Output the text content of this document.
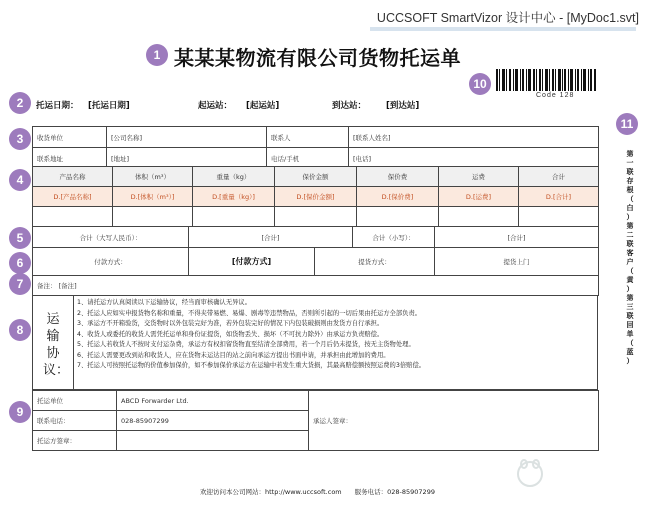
UCCSOFT SmartVizor 设计中心 - [MyDoc1.svt]
1
2
3
4
5
6
7
8
9
10
11
某某某物流有限公司货物托运单
Code 128
托运日期： [托运日期]	起运站： [起运站]	到达站： [到达站]
收货单位	[公司名称]	联系人	[联系人姓名]
联系地址	[地址]	电话/手机	[电话]
产品名称	体积（m³）	重量（kg）	保价金额	保价费	运费	合计
D.[产品名称]	D.[体积（m³）]	D.[重量（kg）]	D.[保价金额]	D.[保价费]	D.[运费]	D.[合计]

合计（大写人民币）：	[合计]	合计（小写）：	[合计]
付款方式：	[付款方式]	提货方式：	提货上门
备注： [备注]
运输协议：
1、请托运方认真阅读以下运输协议，经当面审核确认无异议。
2、托运人应如实申报货物名称和重量，不得夹带易燃、易爆、剧毒等违禁物品，否则所引起的一切后果由托运方全部负责。
3、承运方不开箱验货，交货物时以外包装完好为准，若外包装完好的情况下内包装破损则由发货方自行承担。
4、收货人或委托的收货人需凭托运单和身份证提货，如货物丢失、损坏（不可抗力除外）由承运方负责赔偿。
5、托运人若收货人不按时支付运杂费，承运方有权扣留货物直至结清全部费用，若一个月后仍未提货，按无主货物处理。
6、托运人需要更改到站和收货人，应在货物未运达目的站之前向承运方提出书面申请，并承担由此增加的费用。
7、托运人可按照托运物的价值参加保价，如不参加保价承运方在运输中若发生重大货损，其最高赔偿额按照运费的3倍赔偿。
托运单位	ABCD Forwarder Ltd.	承运人签章：
联系电话：	028-85907299	
托运方签章：		
第
一
联
存
根
（
白
）
第
二
联
客
户
（
黄
）
第
三
联
回
单
（
蓝
）
欢迎访问本公司网站：http://www.uccsoft.com　　服务电话：028-85907299
